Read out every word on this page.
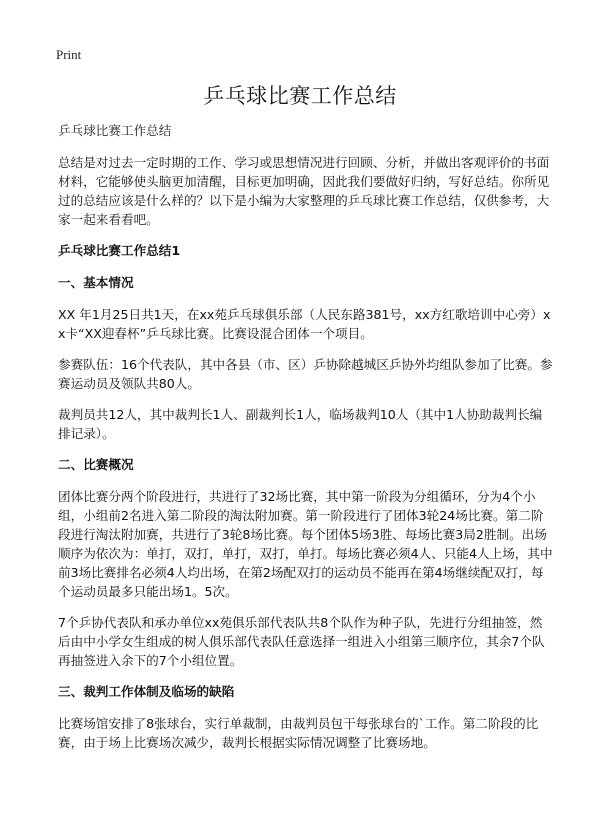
Print
乒乓球比赛工作总结

乒乓球比赛工作总结

总结是对过去一定时期的工作、学习或思想情况进行回顾、分析，并做出客观评价的书面材料，它能够使头脑更加清醒，目标更加明确，因此我们要做好归纳，写好总结。你所见过的总结应该是什么样的？以下是小编为大家整理的乒乓球比赛工作总结，仅供参考，大家一起来看看吧。

乒乓球比赛工作总结1

一、基本情况

XX 年1月25日共1天，在xx苑乒乓球俱乐部（人民东路381号，xx方红歌培训中心旁）xx卡“XX迎春杯”乒乓球比赛。比赛设混合团体一个项目。

参赛队伍：16个代表队，其中各县（市、区）乒协除越城区乒协外均组队参加了比赛。参赛运动员及领队共80人。

裁判员共12人，其中裁判长1人、副裁判长1人，临场裁判10人（其中1人协助裁判长编排记录）。

二、比赛概况

团体比赛分两个阶段进行，共进行了32场比赛，其中第一阶段为分组循环，分为4个小组，小组前2名进入第二阶段的淘汰附加赛。第一阶段进行了团体3轮24场比赛。第二阶段进行淘汰附加赛，共进行了3轮8场比赛。每个团体5场3胜、每场比赛3局2胜制。出场顺序为依次为：单打，双打，单打，双打，单打。每场比赛必须4人、只能4人上场，其中前3场比赛排名必须4人均出场，在第2场配双打的运动员不能再在第4场继续配双打，每个运动员最多只能出场1。5次。

7个乒协代表队和承办单位xx苑俱乐部代表队共8个队作为种子队，先进行分组抽签，然后由中小学女生组成的树人俱乐部代表队任意选择一组进入小组第三顺序位，其余7个队再抽签进入余下的7个小组位置。

三、裁判工作体制及临场的缺陷

比赛场馆安排了8张球台，实行单裁制，由裁判员包干每张球台的`工作。第二阶段的比赛，由于场上比赛场次减少，裁判长根据实际情况调整了比赛场地。
